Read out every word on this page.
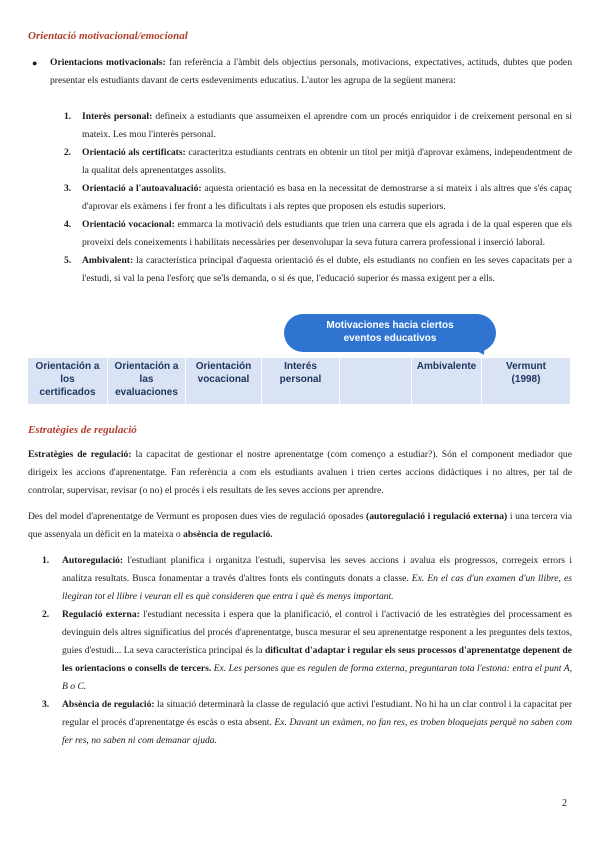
Orientació motivacional/emocional
● Orientacions motivacionals: fan referència a l'àmbit dels objectius personals, motivacions, expectatives, actituds, dubtes que poden presentar els estudiants davant de certs esdeveniments educatius. L'autor les agrupa de la següent manera:
1. Interès personal: defineix a estudiants que assumeixen el aprendre com un procés enriquidor i de creixement personal en si mateix. Les mou l'interès personal.
2. Orientació als certificats: caracteritza estudiants centrats en obtenir un títol per mitjà d'aprovar exàmens, independentment de la qualitat dels aprenentatges assolits.
3. Orientació a l'autoavaluació: aquesta orientació es basa en la necessitat de demostrarse a si mateix i als altres que s'és capaç d'aprovar els exàmens i fer front a les dificultats i als reptes que proposen els estudis superiors.
4. Orientació vocacional: emmarca la motivació dels estudiants que trien una carrera que els agrada i de la qual esperen que els proveixi dels coneixements i habilitats necessàries per desenvolupar la seva futura carrera professional i inserció laboral.
5. Ambivalent: la característica principal d'aquesta orientació és el dubte, els estudiants no confien en les seves capacitats per a l'estudi, si val la pena l'esforç que se'ls demanda, o si és que, l'educació superior és massa exigent per a ells.
Motivaciones hacia ciertos
eventos educativos
Orientación a
los
certificados
Orientación a
las
evaluaciones
Orientación
vocacional
Interés
personal
Ambivalente	Vermunt
(1998)
Estratègies de regulació
Estratègies de regulació: la capacitat de gestionar el nostre aprenentatge (com començo a estudiar?). Són el component mediador que dirigeix les accions d'aprenentatge. Fan referència a com els estudiants avaluen i trien certes accions didàctiques i no altres, per tal de controlar, supervisar, revisar (o no) el procés i els resultats de les seves accions per aprendre.
Des del model d'aprenentatge de Vermunt es proposen dues vies de regulació oposades (autoregulació i regulació externa) i una tercera via que assenyala un dèficit en la mateixa o absència de regulació.
1. Autoregulació: l'estudiant planifica i organitza l'estudi, supervisa les seves accions i avalua els progressos, corregeix errors i analitza resultats. Busca fonamentar a través d'altres fonts els continguts donats a classe. Ex. En el cas d'un examen d'un llibre, es llegiran tot el llibre i veuran ell es què consideren que entra i què és menys important.
2. Regulació externa: l'estudiant necessita i espera que la planificació, el control i l'activació de les estratègies del processament es devinguin dels altres significatius del procés d'aprenentatge, busca mesurar el seu aprenentatge responent a les preguntes dels textos, guies d'estudi... La seva característica principal és la dificultat d'adaptar i regular els seus processos d'aprenentatge depenent de les orientacions o consells de tercers. Ex. Les persones que es regulen de forma externa, preguntaran tota l'estona: entra el punt A, B o C.
3. Absència de regulació: la situació determinarà la classe de regulació que activi l'estudiant. No hi ha un clar control i la capacitat per regular el procés d'aprenentatge és escàs o esta absent. Ex. Davant un exàmen, no fan res, es troben bloquejats perquè no saben com fer res, no saben ni com demanar ajuda.
2
